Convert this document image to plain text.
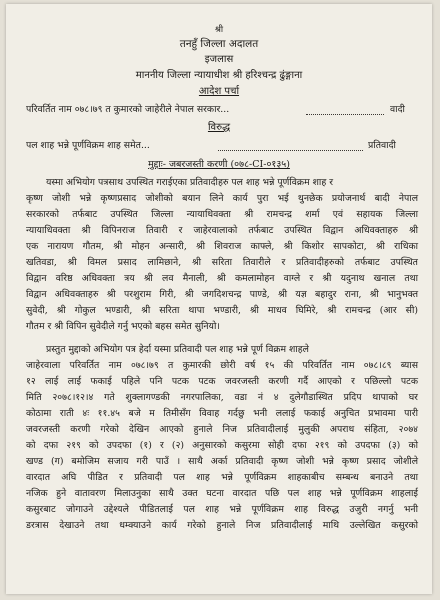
श्री
तनहुँ जिल्ला अदालत
इजलास
माननीय जिल्ला न्यायाधीश श्री हरिश्चन्द्र ढुंङ्गाना
आदेश पर्चा
परिवर्तित नाम ०७८।७९ त कुमारको जाहेरीले नेपाल सरकार...	वादी
विरुद्ध
पल शाह भन्ने पूर्णविक्रम शाह समेत...	प्रतिवादी
मुद्दाः- जबरजस्ती करणी (०७८-CI-०१३५)
यस्मा अभियोग पत्रसाथ उपस्थित गराईएका प्रतिवादीहरु पल शाह भन्ने पूर्णविक्रम शाह र
कृष्ण जोशी भन्ने कृष्णप्रसाद जोशीको बयान लिने कार्य पुरा भई थुनछेक प्रयोजनार्थ बादी नेपाल
सरकारको तर्फबाट उपस्थित जिल्ला न्यायाधिवक्ता श्री रामचन्द्र शर्मा एवं सहायक जिल्ला
न्यायाधिवक्ता श्री विपिनराज तिवारी र जाहेरवालाको तर्फबाट उपस्थित विद्वान अधिवक्ताहरु श्री
एक नारायण गौतम, श्री मोहन अन्सारी, श्री शिवराज काफ्ले, श्री किशोर सापकोटा, श्री राधिका
खतिवडा, श्री विमल प्रसाद लामिछाने, श्री सरिता तिवारीले र प्रतिवादीहरुको तर्फबाट उपस्थित
विद्वान वरिष्ठ अधिवक्ता त्रय श्री लव मैनाली, श्री कमलामोहन वाग्ले र श्री यदुनाथ खनाल तथा
विद्वान अधिवक्ताहरु श्री परशुराम गिरी, श्री जगदिशचन्द्र पाण्डे, श्री यज्ञ बहादुर राना, श्री भानुभक्त
सुवेदी, श्री गोकुल भण्डारी, श्री सरिता थापा भण्डारी, श्री माधव घिमिरे, श्री रामचन्द्र (आर सी)
गौतम र श्री विपिन सुवेदीले गर्नु भएको बहस समेत सुनियो।
प्रस्तुत मुद्दाको अभियोग पत्र हेर्दा यस्मा प्रतिवादी पल शाह भन्ने पूर्ण विक्रम शाहले
जाहेरवाला परिवर्तित नाम ०७८।७९ त कुमारकी छोरी वर्ष १५ की परिवर्तित नाम ०७८।८९ ब्यास
१२ लाई लाई फकाई पहिले पनि पटक पटक जवरजस्ती करणी गर्दै आएको र पछिल्लो पटक
मिति २०७८।१२।४ गते शुक्लागण्डकी नगरपालिका, वडा नं ४ दुलेगौडास्थित प्रदिप थापाको घर
कोठामा राती ४ः ११.४५ बजे म तिमीसँग विवाह गर्दछु भनी ललाई फकाई अनुचित प्रभावमा पारी
जवरजस्ती करणी गरेको देखिन आएको हुनाले निज प्रतिवादीलाई मुलुकी अपराध संहिता, २०७४
को दफा २१९ को उपदफा (१) र (२) अनुसारको कसुरमा सोही दफा २१९ को उपदफा (३) को
खण्ड (ग) बमोजिम सजाय गरी पाउँ । साथै अर्का प्रतिवादी कृष्ण जोशी भन्ने कृष्ण प्रसाद जोशीले
वारदात अघि पीडित र प्रतिवादी पल शाह भन्ने पूर्णविक्रम शाहकाबीच सम्बन्ध बनाउने तथा
नजिक हुने वातावरण मिलाउनुका साथै उक्त घटना वारदात पछि पल शाह भन्ने पूर्णविक्रम शाहलाई
कसुरबाट जोगाउने उद्देश्यले पीडितलाई पल शाह भन्ने पूर्णविक्रम शाह विरुद्ध उजुरी नगर्नु भनी
डरत्रास देखाउने तथा धम्क्याउने कार्य गरेको हुनाले निज प्रतिवादीलाई माथि उल्लेखित कसुरको
